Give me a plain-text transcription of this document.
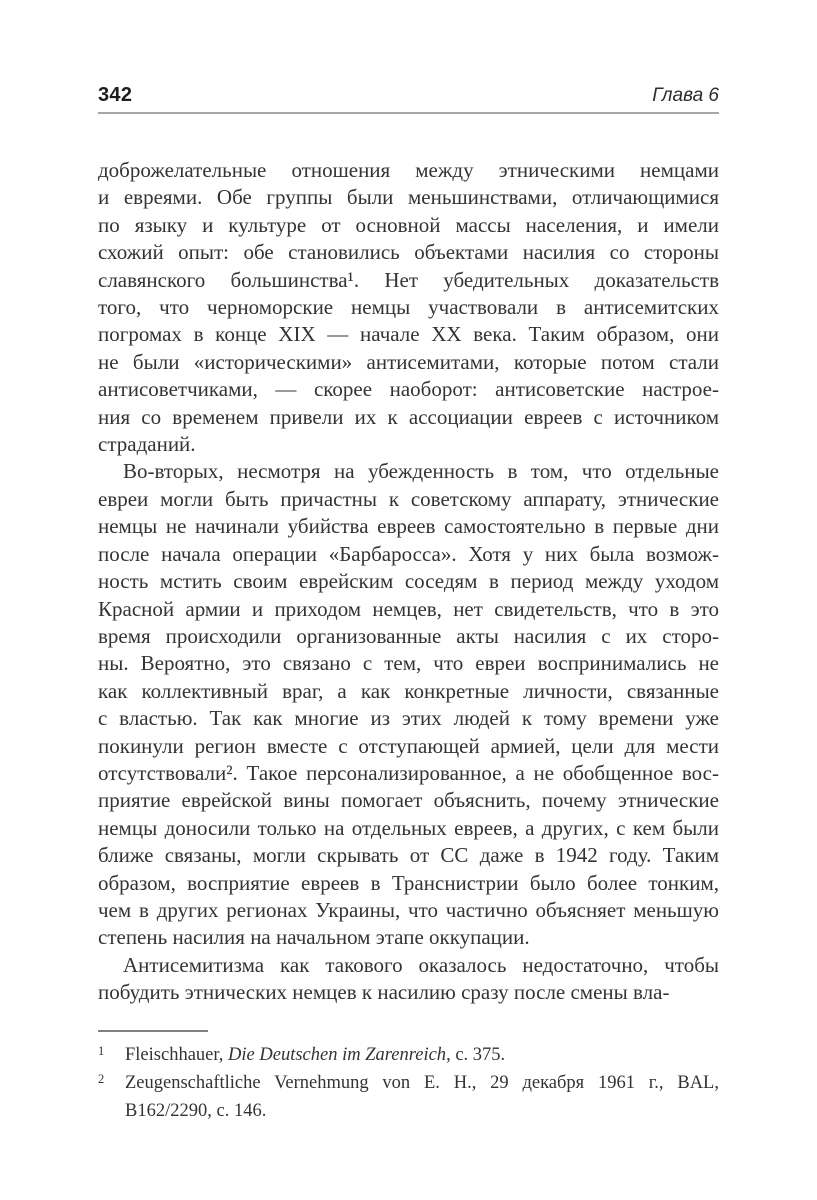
342	Глава 6
доброжелательные отношения между этническими немцами
и евреями. Обе группы были меньшинствами, отличающимися
по языку и культуре от основной массы населения, и имели
схожий опыт: обе становились объектами насилия со стороны
славянского большинства¹. Нет убедительных доказательств
того, что черноморские немцы участвовали в антисемитских
погромах в конце XIX — начале XX века. Таким образом, они
не были «историческими» антисемитами, которые потом стали
антисоветчиками, — скорее наоборот: антисоветские настрое-
ния со временем привели их к ассоциации евреев с источником
страданий.
Во-вторых, несмотря на убежденность в том, что отдельные
евреи могли быть причастны к советскому аппарату, этнические
немцы не начинали убийства евреев самостоятельно в первые дни
после начала операции «Барбаросса». Хотя у них была возмож-
ность мстить своим еврейским соседям в период между уходом
Красной армии и приходом немцев, нет свидетельств, что в это
время происходили организованные акты насилия с их сторо-
ны. Вероятно, это связано с тем, что евреи воспринимались не
как коллективный враг, а как конкретные личности, связанные
с властью. Так как многие из этих людей к тому времени уже
покинули регион вместе с отступающей армией, цели для мести
отсутствовали². Такое персонализированное, а не обобщенное вос-
приятие еврейской вины помогает объяснить, почему этнические
немцы доносили только на отдельных евреев, а других, с кем были
ближе связаны, могли скрывать от СС даже в 1942 году. Таким
образом, восприятие евреев в Транснистрии было более тонким,
чем в других регионах Украины, что частично объясняет меньшую
степень насилия на начальном этапе оккупации.
Антисемитизма как такового оказалось недостаточно, чтобы
побудить этнических немцев к насилию сразу после смены вла-
1	Fleischhauer, Die Deutschen im Zarenreich, с. 375.
2	Zeugenschaftliche Vernehmung von E. H., 29 декабря 1961 г., BAL,
B162/2290, с. 146.
